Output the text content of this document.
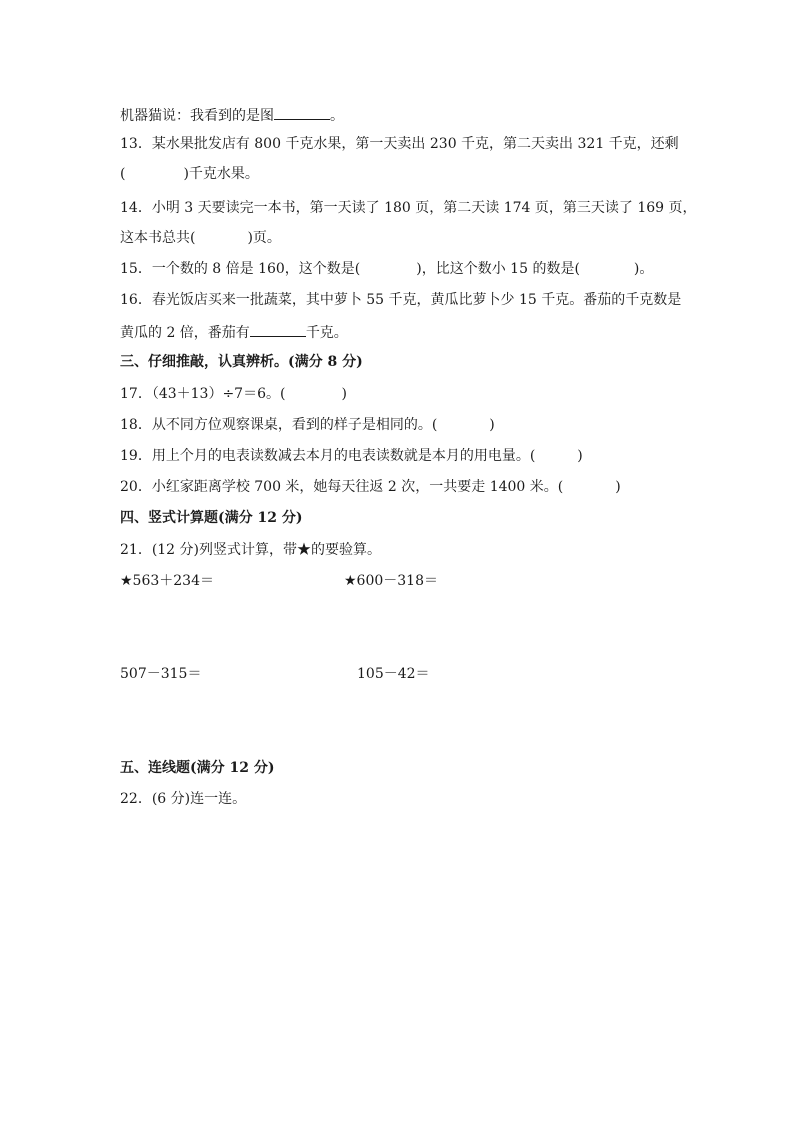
机器猫说：我看到的是图	。
13．某水果批发店有 800 千克水果，第一天卖出 230 千克，第二天卖出 321 千克，还剩
(	)千克水果。
14．小明 3 天要读完一本书，第一天读了 180 页，第二天读 174 页，第三天读了 169 页，
这本书总共(	)页。
15．一个数的 8 倍是 160，这个数是(	)，比这个数小 15 的数是(	)。
16．春光饭店买来一批蔬菜，其中萝卜 55 千克，黄瓜比萝卜少 15 千克。番茄的千克数是
黄瓜的 2 倍，番茄有	千克。
三、仔细推敲，认真辨析。(满分 8 分)
17．（43＋13）÷7＝6。(	)
18．从不同方位观察课桌，看到的样子是相同的。(	)
19．用上个月的电表读数减去本月的电表读数就是本月的用电量。(	)
20．小红家距离学校 700 米，她每天往返 2 次，一共要走 1400 米。(	)
四、竖式计算题(满分 12 分)
21．(12 分)列竖式计算，带★的要验算。
★563＋234＝	★600－318＝
507－315＝	105－42＝
五、连线题(满分 12 分)
22．(6 分)连一连。
